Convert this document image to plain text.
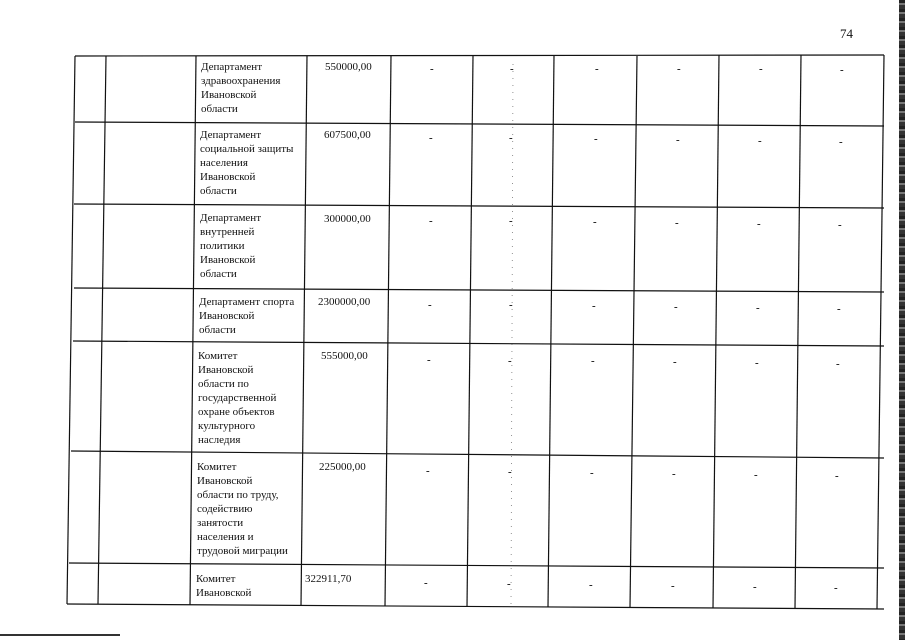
74
Департамент
здравоохранения
Ивановской
области
550000,00	-	-	-	-	-	-
Департамент
социальной защиты
населения
Ивановской
области
607500,00	-	-	-	-	-	-
Департамент
внутренней
политики
Ивановской
области
300000,00	-	-	-	-	-	-
Департамент спорта
Ивановской
области
2300000,00	-	-	-	-	-	-
Комитет
Ивановской
области по
государственной
охране объектов
культурного
наследия
555000,00	-	-	-	-	-	-
Комитет
Ивановской
области по труду,
содействию
занятости
населения и
трудовой миграции
225000,00	-	-	-	-	-	-
Комитет
Ивановской
322911,70	-	-	-	-	-	-
